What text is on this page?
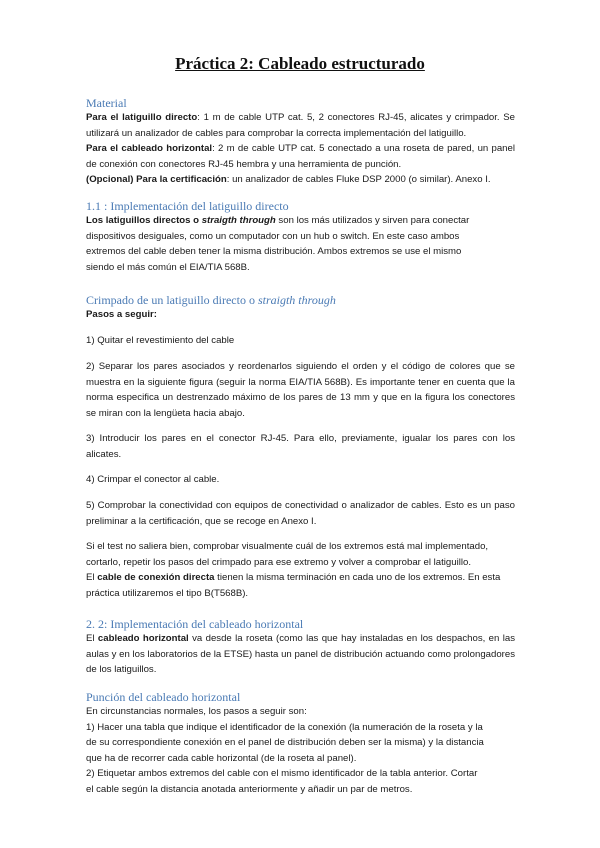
Práctica 2: Cableado estructurado
Material
Para el latiguillo directo: 1 m de cable UTP cat. 5, 2 conectores RJ-45, alicates y crimpador. Se utilizará un analizador de cables para comprobar la correcta implementación del latiguillo.
Para el cableado horizontal: 2 m de cable UTP cat. 5 conectado a una roseta de pared, un panel de conexión con conectores RJ-45 hembra y una herramienta de punción.
(Opcional) Para la certificación: un analizador de cables Fluke DSP 2000 (o similar). Anexo I.
1.1 : Implementación del latiguillo directo
Los latiguillos directos o straigth through son los más utilizados y sirven para conectar
dispositivos desiguales, como un computador con un hub o switch. En este caso ambos
extremos del cable deben tener la misma distribución. Ambos extremos se use el mismo
siendo el más común el EIA/TIA 568B.
Crimpado de un latiguillo directo o straigth through
Pasos a seguir:
1) Quitar el revestimiento del cable
2) Separar los pares asociados y reordenarlos siguiendo el orden y el código de colores que se muestra en la siguiente figura (seguir la norma EIA/TIA 568B). Es importante tener en cuenta que la norma especifica un destrenzado máximo de los pares de 13 mm y que en la figura los conectores se miran con la lengüeta hacia abajo.
3) Introducir los pares en el conector RJ-45. Para ello, previamente, igualar los pares con los alicates.
4) Crimpar el conector al cable.
5) Comprobar la conectividad con equipos de conectividad o analizador de cables. Esto es un paso preliminar a la certificación, que se recoge en Anexo I.
Si el test no saliera bien, comprobar visualmente cuál de los extremos está mal implementado,
cortarlo, repetir los pasos del crimpado para ese extremo y volver a comprobar el latiguillo.
El cable de conexión directa tienen la misma terminación en cada uno de los extremos. En esta
práctica utilizaremos el tipo B(T568B).
2. 2: Implementación del cableado horizontal
El cableado horizontal va desde la roseta (como las que hay instaladas en los despachos, en las aulas y en los laboratorios de la ETSE) hasta un panel de distribución actuando como prolongadores de los latiguillos.
Punción del cableado horizontal
En circunstancias normales, los pasos a seguir son:
1) Hacer una tabla que indique el identificador de la conexión (la numeración de la roseta y la
de su correspondiente conexión en el panel de distribución deben ser la misma) y la distancia
que ha de recorrer cada cable horizontal (de la roseta al panel).
2) Etiquetar ambos extremos del cable con el mismo identificador de la tabla anterior. Cortar
el cable según la distancia anotada anteriormente y añadir un par de metros.
